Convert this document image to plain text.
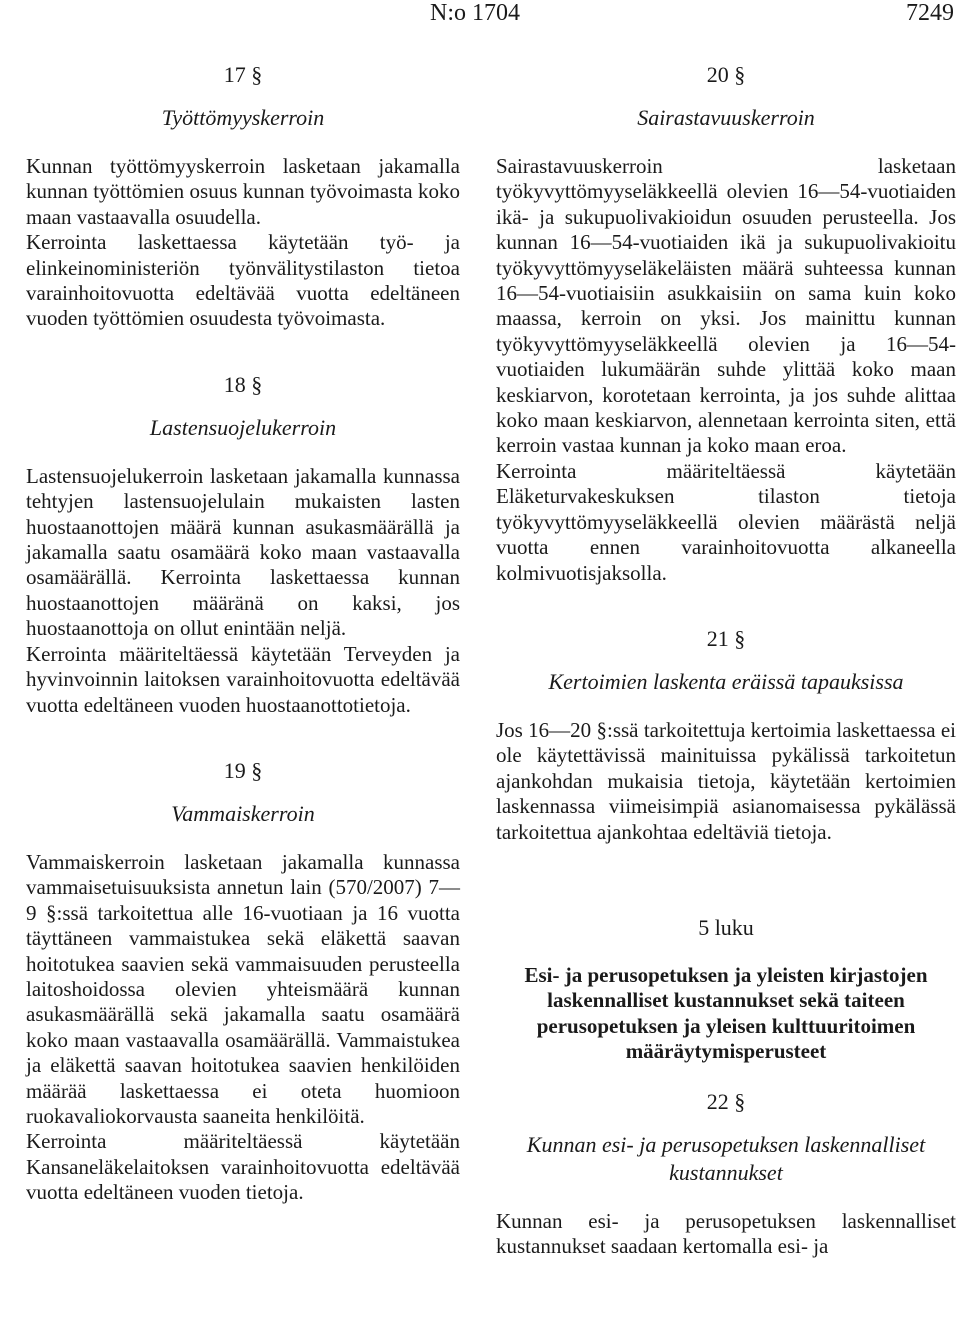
N:o 1704	7249
17 §
Työttömyyskerroin

Kunnan työttömyyskerroin lasketaan jakamalla kunnan työttömien osuus kunnan työvoimasta koko maan vastaavalla osuudella.

Kerrointa laskettaessa käytetään työ- ja elinkeinoministeriön työnvälitystilaston tietoa varainhoitovuotta edeltävää vuotta edeltäneen vuoden työttömien osuudesta työvoimasta.

18 §
Lastensuojelukerroin

Lastensuojelukerroin lasketaan jakamalla kunnassa tehtyjen lastensuojelulain mukaisten lasten huostaanottojen määrä kunnan asukasmäärällä ja jakamalla saatu osamäärä koko maan vastaavalla osamäärällä. Kerrointa laskettaessa kunnan huostaanottojen määränä on kaksi, jos huostaanottoja on ollut enintään neljä.

Kerrointa määriteltäessä käytetään Terveyden ja hyvinvoinnin laitoksen varainhoitovuotta edeltävää vuotta edeltäneen vuoden huostaanottotietoja.

19 §
Vammaiskerroin

Vammaiskerroin lasketaan jakamalla kunnassa vammaisetuisuuksista annetun lain (570/2007) 7—9 §:ssä tarkoitettua alle 16-vuotiaan ja 16 vuotta täyttäneen vammaistukea sekä eläkettä saavan hoitotukea saavien sekä vammaisuuden perusteella laitoshoidossa olevien yhteismäärä kunnan asukasmäärällä sekä jakamalla saatu osamäärä koko maan vastaavalla osamäärällä. Vammaistukea ja eläkettä saavan hoitotukea saavien henkilöiden määrää laskettaessa ei oteta huomioon ruokavaliokorvausta saaneita henkilöitä.

Kerrointa määriteltäessä käytetään Kansaneläkelaitoksen varainhoitovuotta edeltävää vuotta edeltäneen vuoden tietoja.

20 §
Sairastavuuskerroin

Sairastavuuskerroin lasketaan työkyvyttömyyseläkkeellä olevien 16—54-vuotiaiden ikä- ja sukupuolivakioidun osuuden perusteella. Jos kunnan 16—54-vuotiaiden ikä ja sukupuolivakioitu työkyvyttömyyseläkeläisten määrä suhteessa kunnan 16—54-vuotiaisiin asukkaisiin on sama kuin koko maassa, kerroin on yksi. Jos mainittu kunnan työkyvyttömyyseläkkeellä olevien ja 16—54-vuotiaiden lukumäärän suhde ylittää koko maan keskiarvon, korotetaan kerrointa, ja jos suhde alittaa koko maan keskiarvon, alennetaan kerrointa siten, että kerroin vastaa kunnan ja koko maan eroa.

Kerrointa määriteltäessä käytetään Eläketurvakeskuksen tilaston tietoja työkyvyttömyyseläkkeellä olevien määrästä neljä vuotta ennen varainhoitovuotta alkaneella kolmivuotisjaksolla.

21 §
Kertoimien laskenta eräissä tapauksissa

Jos 16—20 §:ssä tarkoitettuja kertoimia laskettaessa ei ole käytettävissä mainituissa pykälissä tarkoitetun ajankohdan mukaisia tietoja, käytetään kertoimien laskennassa viimeisimpiä asianomaisessa pykälässä tarkoitettua ajankohtaa edeltäviä tietoja.

5 luku
Esi- ja perusopetuksen ja yleisten kirjastojen laskennalliset kustannukset sekä taiteen perusopetuksen ja yleisen kulttuuritoimen määräytymisperusteet
22 §
Kunnan esi- ja perusopetuksen laskennalliset kustannukset

Kunnan esi- ja perusopetuksen laskennalliset kustannukset saadaan kertomalla esi- ja
